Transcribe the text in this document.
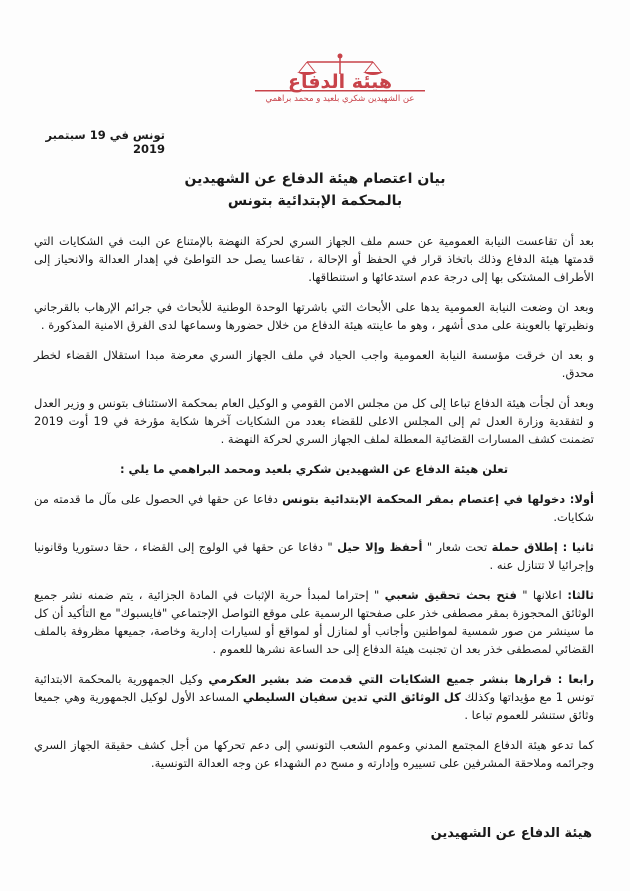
هيئة الدفاع
عن الشهيدين شكري بلعيد و محمد براهمي
تونس في 19 سبتمبر 2019
بيان اعتصام هيئة الدفاع عن الشهيدين
بالمحكمة الإبتدائية بتونس

بعد أن تقاعست النيابة العمومية عن حسم ملف الجهاز السري لحركة النهضة بالإمتناع عن البت في الشكايات التي قدمتها هيئة الدفاع وذلك باتخاذ قرار في الحفظ أو الإحالة ، تقاعسا يصل حد التواطئ في إهدار العدالة والانحياز إلى الأطراف المشتكى بها إلى درجة عدم استدعائها و استنطاقها.

وبعد ان وضعت النيابة العمومية يدها على الأبحاث التي باشرتها الوحدة الوطنية للأبحاث في جرائم الإرهاب بالقرجاني ونظيرتها بالعوينة على مدى أشهر ، وهو ما عاينته هيئة الدفاع من خلال حضورها وسماعها لدى الفرق الامنية المذكورة .

و بعد ان خرقت مؤسسة النيابة العمومية واجب الحياد في ملف الجهاز السري معرضة مبدا استقلال القضاء لخطر محدق.

وبعد أن لجأت هيئة الدفاع تباعا إلى كل من مجلس الامن القومي و الوكيل العام بمحكمة الاستئناف بتونس و وزير العدل و لتفقدية وزارة العدل ثم إلى المجلس الاعلى للقضاء بعدد من الشكايات آخرها شكاية مؤرخة في 19 أوت 2019 تضمنت كشف المسارات القضائية المعطلة لملف الجهاز السري لحركة النهضة .

تعلن هيئة الدفاع عن الشهيدين شكري بلعيد ومحمد البراهمي ما يلي :

أولا: دخولها في إعتصام بمقر المحكمة الإبتدائية بتونس دفاعا عن حقها في الحصول على مآل ما قدمته من شكايات.

ثانيا : إطلاق حملة تحت شعار " أحفظ وإلا حيل " دفاعا عن حقها في الولوج إلى القضاء ، حقا دستوريا وقانونيا وإجرائيا لا تتنازل عنه .

ثالثا: اعلانها " فتح بحث تحقيق شعبي " إحتراما لمبدأ حرية الإثبات في المادة الجزائية ، يتم ضمنه نشر جميع الوثائق المحجوزة بمقر مصطفى خذر على صفحتها الرسمية على موقع التواصل الإجتماعي "فايسبوك" مع التأكيد أن كل ما سينشر من صور شمسية لمواطنين وأجانب أو لمنازل أو لمواقع أو لسيارات إدارية وخاصة، جميعها مظروفة بالملف القضائي لمصطفى خذر بعد ان تجنبت هيئة الدفاع إلى حد الساعة نشرها للعموم .

رابعا : قرارها بنشر جميع الشكايات التي قدمت ضد بشير العكرمي وكيل الجمهورية بالمحكمة الابتدائية تونس 1 مع مؤيداتها وكذلك كل الوثائق التي تدين سفيان السليطي المساعد الأول لوكيل الجمهورية وهي جميعا وثائق ستنشر للعموم تباعا .

كما تدعو هيئة الدفاع المجتمع المدني وعموم الشعب التونسي إلى دعم تحركها من أجل كشف حقيقة الجهاز السري وجرائمه وملاحقة المشرفين على تسييره وإدارته و مسح دم الشهداء عن وجه العدالة التونسية.

هيئة الدفاع عن الشهيدين
